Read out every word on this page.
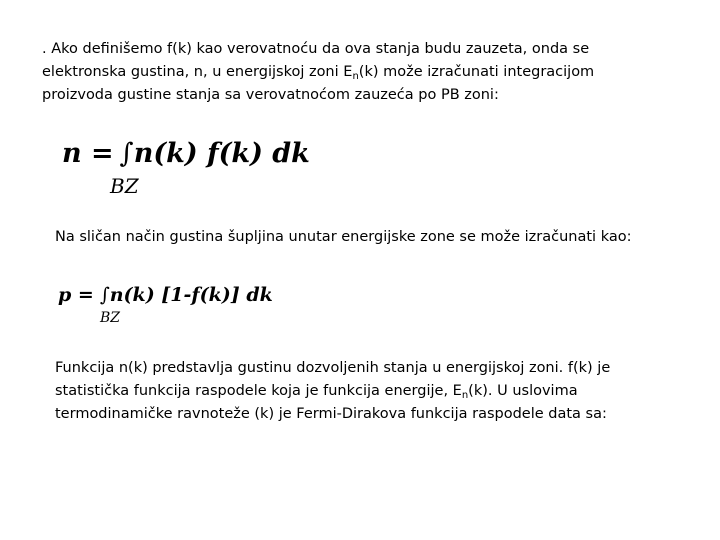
. Ako definišemo f(k) kao verovatnoću da ova stanja budu zauzeta, onda se
elektronska gustina, n, u energijskoj zoni $E_n(k)$ može izračunati integracijom
proizvoda gustine stanja sa verovatnoćom zauzeća po PB zoni:
n = ∫n(k) f(k) dk
BZ
Na sličan način gustina šupljina unutar energijske zone se može izračunati kao:
p = ∫n(k) [1-f(k)] dk
BZ
Funkcija n(k) predstavlja gustinu dozvoljenih stanja u energijskoj zoni. f(k) je
statistička funkcija raspodele koja je funkcija energije, $E_n(k)$. U uslovima
termodinamičke ravnoteže (k) je Fermi-Dirakova funkcija raspodele data sa:
